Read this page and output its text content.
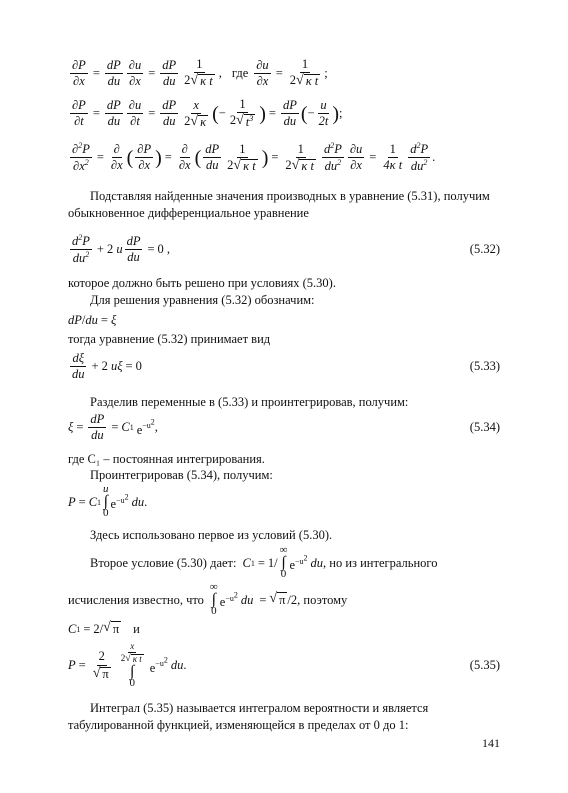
$\frac{\partial P}{\partial x} = \frac{dP}{du} \frac{\partial u}{\partial x} = \frac{dP}{du} 1$
2 √ κ t
, где $\frac{\partial u}{\partial x} = \frac{1}{\text{2 √ κ t}}$ ;
$\frac{\partial P}{\partial t} = \frac{dP}{du} \frac{\partial u}{\partial t} = \frac{dP}{du}$ x
2 √ κ ( − $\frac{1}{2 √ t^3}$ ) = $\frac{dP}{du}$ ( − $\frac{u}{2t}$ ) ;
$\frac{\partial^2P}{\partial x^2}$ =
∂
∂x ( ∂P
∂x ) =
∂
∂x ( dP
du
1
2 √ κ t ) = $\frac{1}{\text{2 √ κ t}} d^2P$
$du^2 \frac{\partial u}{\partial x} = \frac{1}{\text{4κ t}} d^2P$
$du^2$ .
Подставляя найденные значения производных в уравнение (5.31), получим обыкновенное дифференциальное уравнение
$d^2P$
$du^2 + 2$ u $\frac{dP}{du} = 0$ ,	(5.32)
которое должно быть решено при условиях (5.30).
Для решения уравнения (5.32) обозначим:
dP / du = ξ
тогда уравнение (5.32) принимает вид
dξ
du
+ 2 uξ = 0	(5.33)
Разделив переменные в (5.33) и проинтегрировав, получим:
$\xi = \frac{dP}{du} = C$ 1 $e^{-u^2}$ ,	(5.34)
где C₁ – постоянная интегрирования.
Проинтегрировав (5.34), получим:
P = C 1
u
∫
0
$e^{-u^2}$ du .
Здесь использовано первое из условий (5.30).
Второе условие (5.30) дает: C 1 = 1/
∞
∫
0
$e^{-u^2}$ du , но из интегрального
исчисления известно, что
∞
∫
0
$e^{-u^2}$ du = √ π /2 , поэтому
C 1 = 2/ √ π и
$P = \frac{2}{√ \pi}$
x
2 √ κ t
∫
0
$e^{-u^2}$ du .	(5.35)
Интеграл (5.35) называется интегралом вероятности и является табулированной функцией, изменяющейся в пределах от 0 до 1:
141
